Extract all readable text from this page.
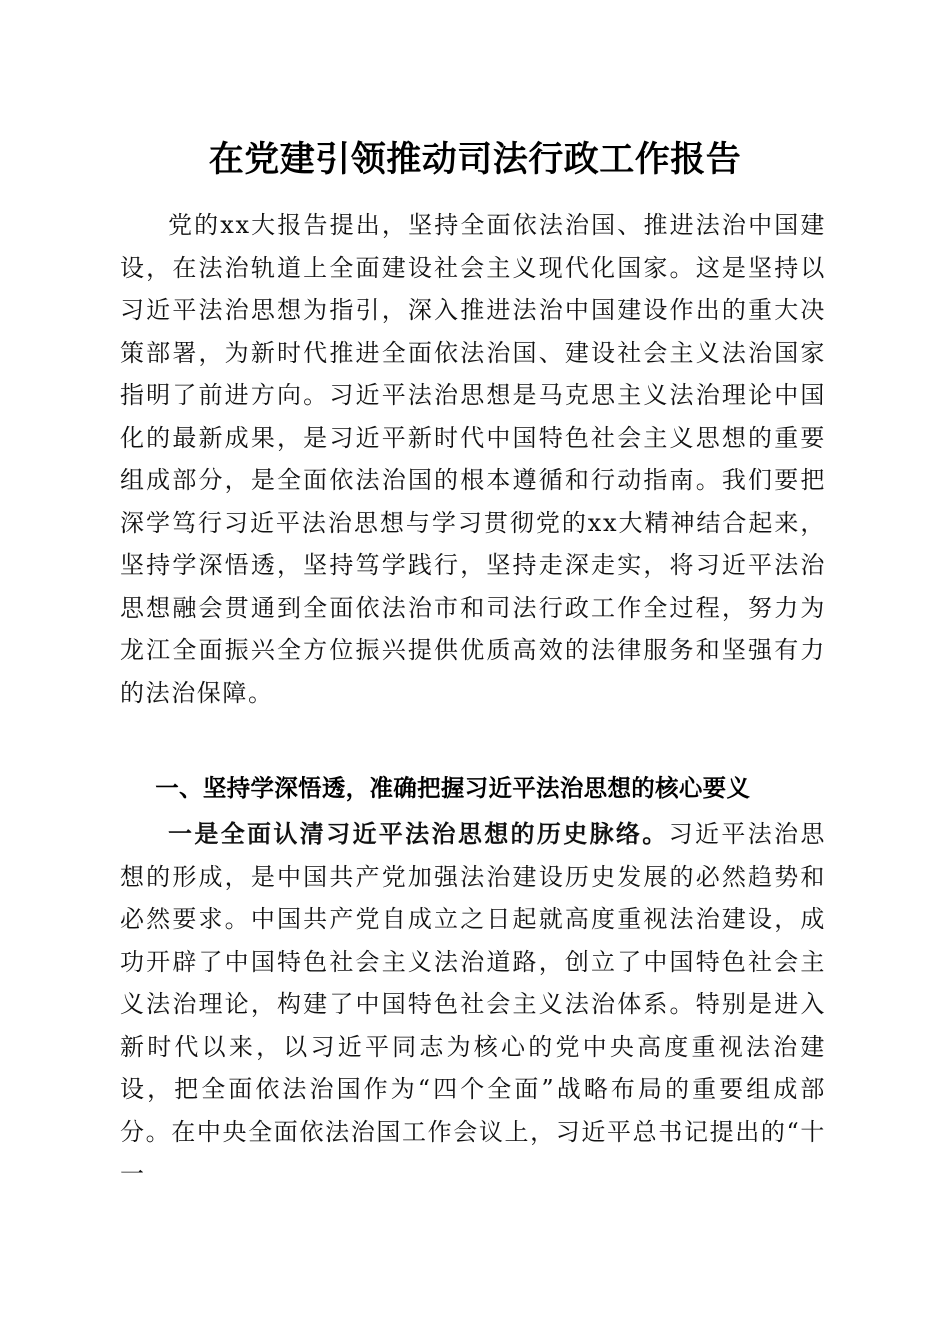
在党建引领推动司法行政工作报告

党的xx大报告提出，坚持全面依法治国、推进法治中国建设，在法治轨道上全面建设社会主义现代化国家。这是坚持以习近平法治思想为指引，深入推进法治中国建设作出的重大决策部署，为新时代推进全面依法治国、建设社会主义法治国家指明了前进方向。习近平法治思想是马克思主义法治理论中国化的最新成果，是习近平新时代中国特色社会主义思想的重要组成部分，是全面依法治国的根本遵循和行动指南。我们要把深学笃行习近平法治思想与学习贯彻党的xx大精神结合起来，坚持学深悟透，坚持笃学践行，坚持走深走实，将习近平法治思想融会贯通到全面依法治市和司法行政工作全过程，努力为龙江全面振兴全方位振兴提供优质高效的法律服务和坚强有力的法治保障。

一、坚持学深悟透，准确把握习近平法治思想的核心要义

一是全面认清习近平法治思想的历史脉络。习近平法治思想的形成，是中国共产党加强法治建设历史发展的必然趋势和必然要求。中国共产党自成立之日起就高度重视法治建设，成功开辟了中国特色社会主义法治道路，创立了中国特色社会主义法治理论，构建了中国特色社会主义法治体系。特别是进入新时代以来，以习近平同志为核心的党中央高度重视法治建设，把全面依法治国作为“四个全面”战略布局的重要组成部分。在中央全面依法治国工作会议上，习近平总书记提出的“十一
